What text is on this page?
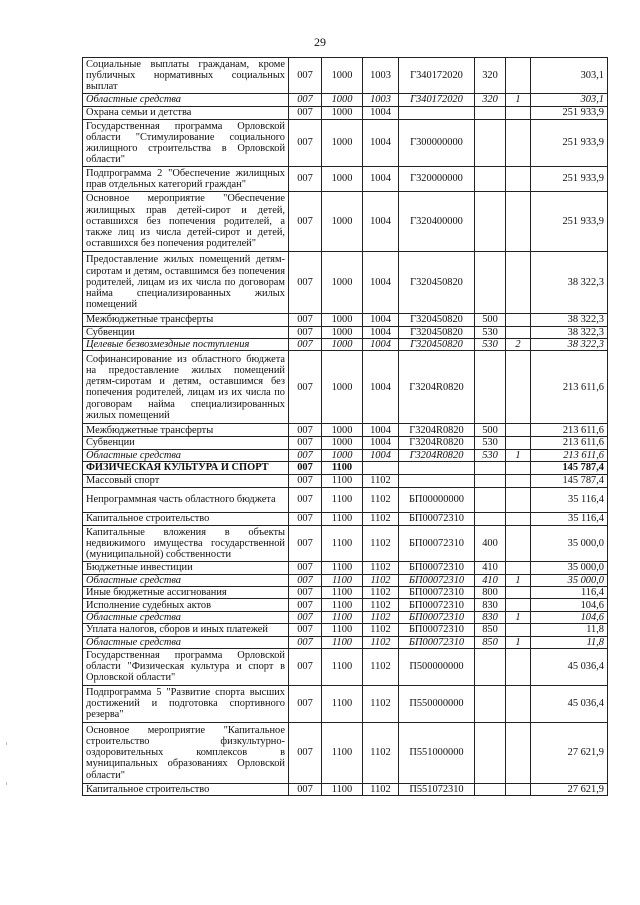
29
Социальные выплаты гражданам, кроме публичных нормативных социальных выплат	007	1000	1003	Г340172020	320		303,1
Областные средства	007	1000	1003	Г340172020	320	1	303,1
Охрана семьи и детства	007	1000	1004				251 933,9
Государственная программа Орловской области "Стимулирование социального жилищного строительства в Орловской области"	007	1000	1004	Г300000000			251 933,9
Подпрограмма 2 "Обеспечение жилищных прав отдельных категорий граждан"	007	1000	1004	Г320000000			251 933,9
Основное мероприятие "Обеспечение жилищных прав детей-сирот и детей, оставшихся без попечения родителей, а также лиц из числа детей-сирот и детей, оставшихся без попечения родителей"	007	1000	1004	Г320400000			251 933,9
Предоставление жилых помещений детям-сиротам и детям, оставшимся без попечения родителей, лицам из их числа по договорам найма специализированных жилых помещений	007	1000	1004	Г320450820			38 322,3
Межбюджетные трансферты	007	1000	1004	Г320450820	500		38 322,3
Субвенции	007	1000	1004	Г320450820	530		38 322,3
Целевые безвозмездные поступления	007	1000	1004	Г320450820	530	2	38 322,3
Софинансирование из областного бюджета на предоставление жилых помещений детям-сиротам и детям, оставшимся без попечения родителей, лицам из их числа по договорам найма специализированных жилых помещений	007	1000	1004	Г3204R0820			213 611,6
Межбюджетные трансферты	007	1000	1004	Г3204R0820	500		213 611,6
Субвенции	007	1000	1004	Г3204R0820	530		213 611,6
Областные средства	007	1000	1004	Г3204R0820	530	1	213 611,6
ФИЗИЧЕСКАЯ КУЛЬТУРА И СПОРТ	007	1100					145 787,4
Массовый спорт	007	1100	1102				145 787,4
Непрограммная часть областного бюджета	007	1100	1102	БП00000000			35 116,4
Капитальное строительство	007	1100	1102	БП00072310			35 116,4
Капитальные вложения в объекты недвижимого имущества государственной (муниципальной) собственности	007	1100	1102	БП00072310	400		35 000,0
Бюджетные инвестиции	007	1100	1102	БП00072310	410		35 000,0
Областные средства	007	1100	1102	БП00072310	410	1	35 000,0
Иные бюджетные ассигнования	007	1100	1102	БП00072310	800		116,4
Исполнение судебных актов	007	1100	1102	БП00072310	830		104,6
Областные средства	007	1100	1102	БП00072310	830	1	104,6
Уплата налогов, сборов и иных платежей	007	1100	1102	БП00072310	850		11,8
Областные средства	007	1100	1102	БП00072310	850	1	11,8
Государственная программа Орловской области "Физическая культура и спорт в Орловской области"	007	1100	1102	П500000000			45 036,4
Подпрограмма 5 "Развитие спорта высших достижений и подготовка спортивного резерва"	007	1100	1102	П550000000			45 036,4
Основное мероприятие "Капитальное строительство физкультурно-оздоровительных комплексов в муниципальных образованиях Орловской области"	007	1100	1102	П551000000			27 621,9
Капитальное строительство	007	1100	1102	П551072310			27 621,9
